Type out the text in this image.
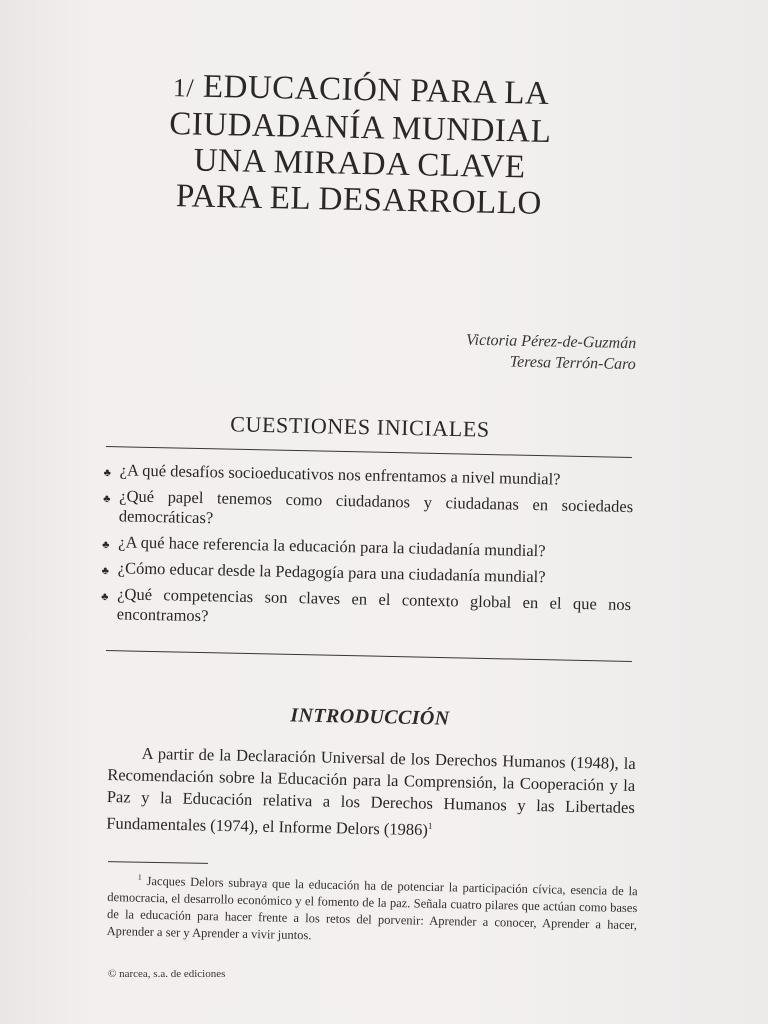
1/ EDUCACIÓN PARA LA
CIUDADANÍA MUNDIAL
UNA MIRADA CLAVE
PARA EL DESARROLLO
Victoria Pérez-de-Guzmán
Teresa Terrón-Caro
CUESTIONES INICIALES
♣ ¿A qué desafíos socioeducativos nos enfrentamos a nivel mundial?
♣ ¿Qué papel tenemos como ciudadanos y ciudadanas en sociedades democráticas?
♣ ¿A qué hace referencia la educación para la ciudadanía mundial?
♣ ¿Cómo educar desde la Pedagogía para una ciudadanía mundial?
♣ ¿Qué competencias son claves en el contexto global en el que nos encontramos?
INTRODUCCIÓN

A partir de la Declaración Universal de los Derechos Humanos (1948), la Recomendación sobre la Educación para la Comprensión, la Cooperación y la Paz y la Educación relativa a los Derechos Humanos y las Libertades Fundamentales (1974), el Informe Delors $(1986)^1$

$^1$ Jacques Delors subraya que la educación ha de potenciar la participación cívica, esencia de la democracia, el desarrollo económico y el fomento de la paz. Señala cuatro pilares que actúan como bases de la educación para hacer frente a los retos del porvenir: Aprender a conocer, Aprender a hacer, Aprender a ser y Aprender a vivir juntos.

© narcea, s.a. de ediciones
